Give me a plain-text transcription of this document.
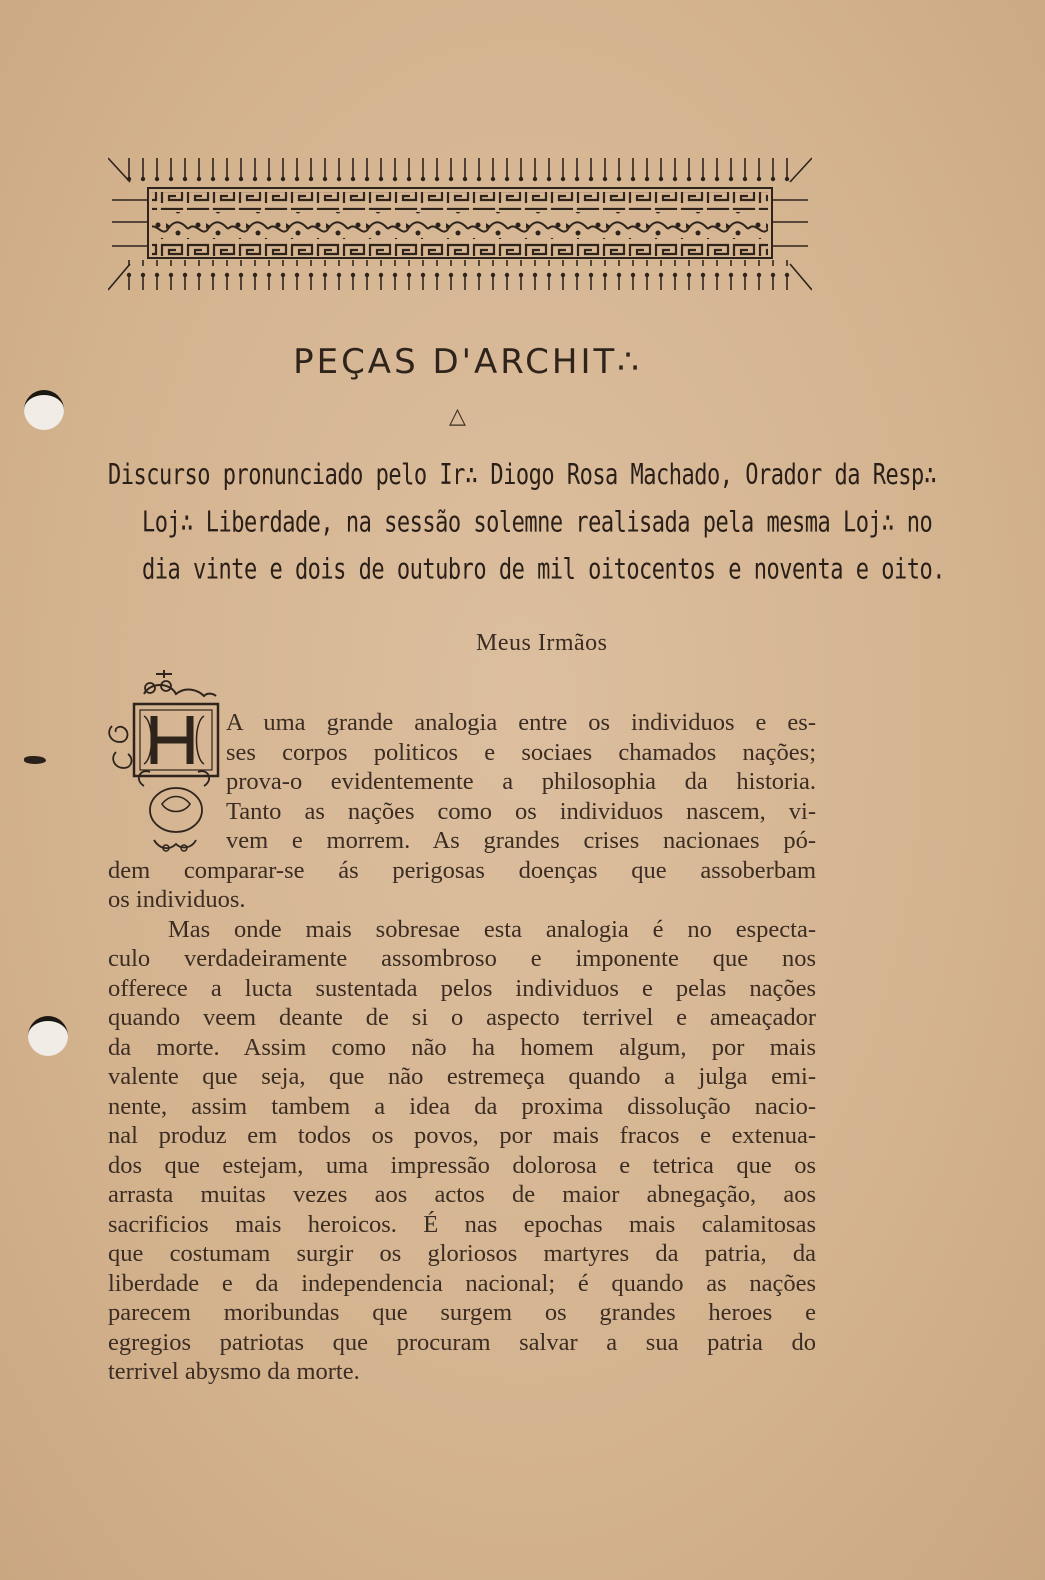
PEÇAS D'ARCHIT∴
△
Discurso pronunciado pelo Ir∴ Diogo Rosa Machado, Orador da Resp∴
Loj∴ Liberdade, na sessão solemne realisada pela mesma Loj∴ no
dia vinte e dois de outubro de mil oitocentos e noventa e oito.
Meus Irmãos
A uma grande analogia entre os individuos e es-
ses corpos politicos e sociaes chamados nações;
prova-o evidentemente a philosophia da historia.
Tanto as nações como os individuos nascem, vi-
vem e morrem. As grandes crises nacionaes pó-
dem comparar-se ás perigosas doenças que assoberbam
os individuos.
Mas onde mais sobresae esta analogia é no especta-
culo verdadeiramente assombroso e imponente que nos
offerece a lucta sustentada pelos individuos e pelas nações
quando veem deante de si o aspecto terrivel e ameaçador
da morte. Assim como não ha homem algum, por mais
valente que seja, que não estremeça quando a julga emi-
nente, assim tambem a idea da proxima dissolução nacio-
nal produz em todos os povos, por mais fracos e extenua-
dos que estejam, uma impressão dolorosa e tetrica que os
arrasta muitas vezes aos actos de maior abnegação, aos
sacrificios mais heroicos. É nas epochas mais calamitosas
que costumam surgir os gloriosos martyres da patria, da
liberdade e da independencia nacional; é quando as nações
parecem moribundas que surgem os grandes heroes e
egregios patriotas que procuram salvar a sua patria do
terrivel abysmo da morte.
